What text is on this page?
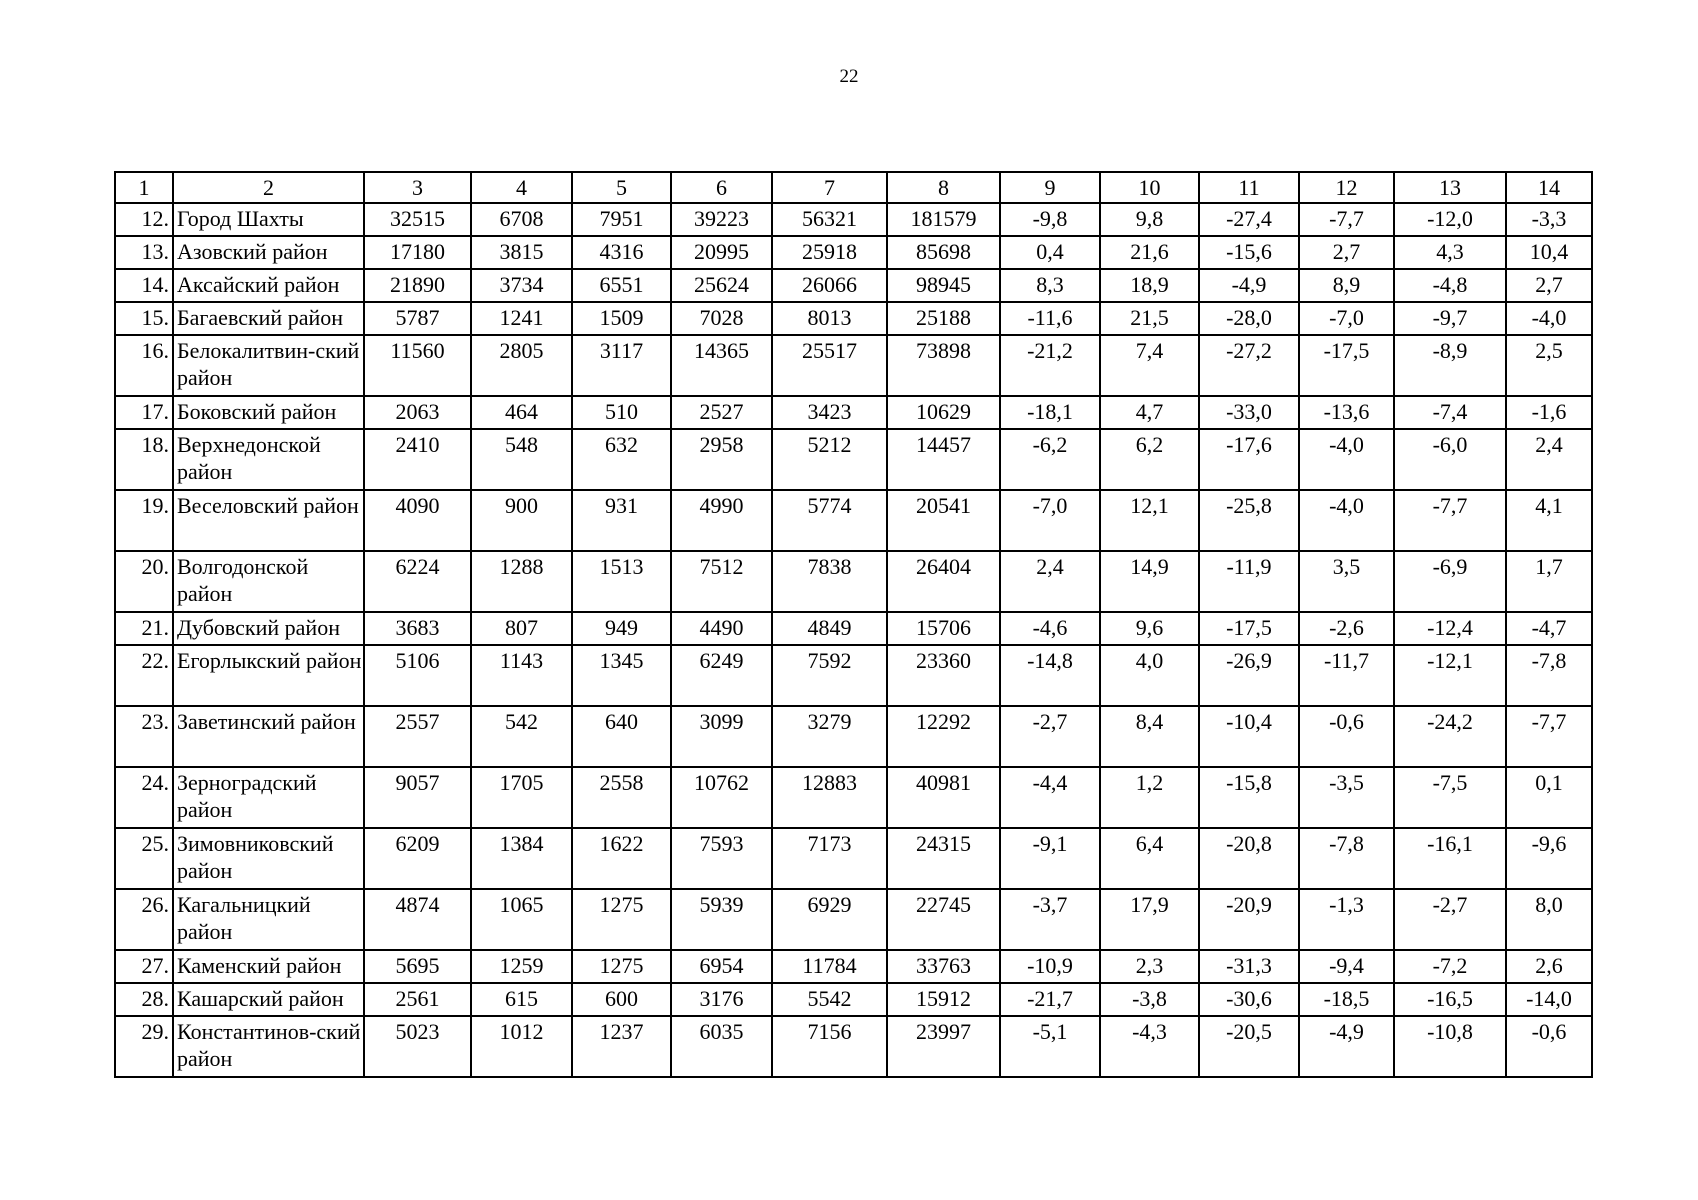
22
1	2	3	4	5	6	7	8	9	10	11	12	13	14
12.	Город Шахты	32515	6708	7951	39223	56321	181579	-9,8	9,8	-27,4	-7,7	-12,0	-3,3
13.	Азовский район	17180	3815	4316	20995	25918	85698	0,4	21,6	-15,6	2,7	4,3	10,4
14.	Аксайский район	21890	3734	6551	25624	26066	98945	8,3	18,9	-4,9	8,9	-4,8	2,7
15.	Багаевский район	5787	1241	1509	7028	8013	25188	-11,6	21,5	-28,0	-7,0	-9,7	-4,0
16.	Белокалитвин-ский район	11560	2805	3117	14365	25517	73898	-21,2	7,4	-27,2	-17,5	-8,9	2,5
17.	Боковский район	2063	464	510	2527	3423	10629	-18,1	4,7	-33,0	-13,6	-7,4	-1,6
18.	Верхнедонской район	2410	548	632	2958	5212	14457	-6,2	6,2	-17,6	-4,0	-6,0	2,4
19.	Веселовский район	4090	900	931	4990	5774	20541	-7,0	12,1	-25,8	-4,0	-7,7	4,1
20.	Волгодонской район	6224	1288	1513	7512	7838	26404	2,4	14,9	-11,9	3,5	-6,9	1,7
21.	Дубовский район	3683	807	949	4490	4849	15706	-4,6	9,6	-17,5	-2,6	-12,4	-4,7
22.	Егорлыкский район	5106	1143	1345	6249	7592	23360	-14,8	4,0	-26,9	-11,7	-12,1	-7,8
23.	Заветинский район	2557	542	640	3099	3279	12292	-2,7	8,4	-10,4	-0,6	-24,2	-7,7
24.	Зерноградский район	9057	1705	2558	10762	12883	40981	-4,4	1,2	-15,8	-3,5	-7,5	0,1
25.	Зимовниковский район	6209	1384	1622	7593	7173	24315	-9,1	6,4	-20,8	-7,8	-16,1	-9,6
26.	Кагальницкий район	4874	1065	1275	5939	6929	22745	-3,7	17,9	-20,9	-1,3	-2,7	8,0
27.	Каменский район	5695	1259	1275	6954	11784	33763	-10,9	2,3	-31,3	-9,4	-7,2	2,6
28.	Кашарский район	2561	615	600	3176	5542	15912	-21,7	-3,8	-30,6	-18,5	-16,5	-14,0
29.	Константинов-ский район	5023	1012	1237	6035	7156	23997	-5,1	-4,3	-20,5	-4,9	-10,8	-0,6
